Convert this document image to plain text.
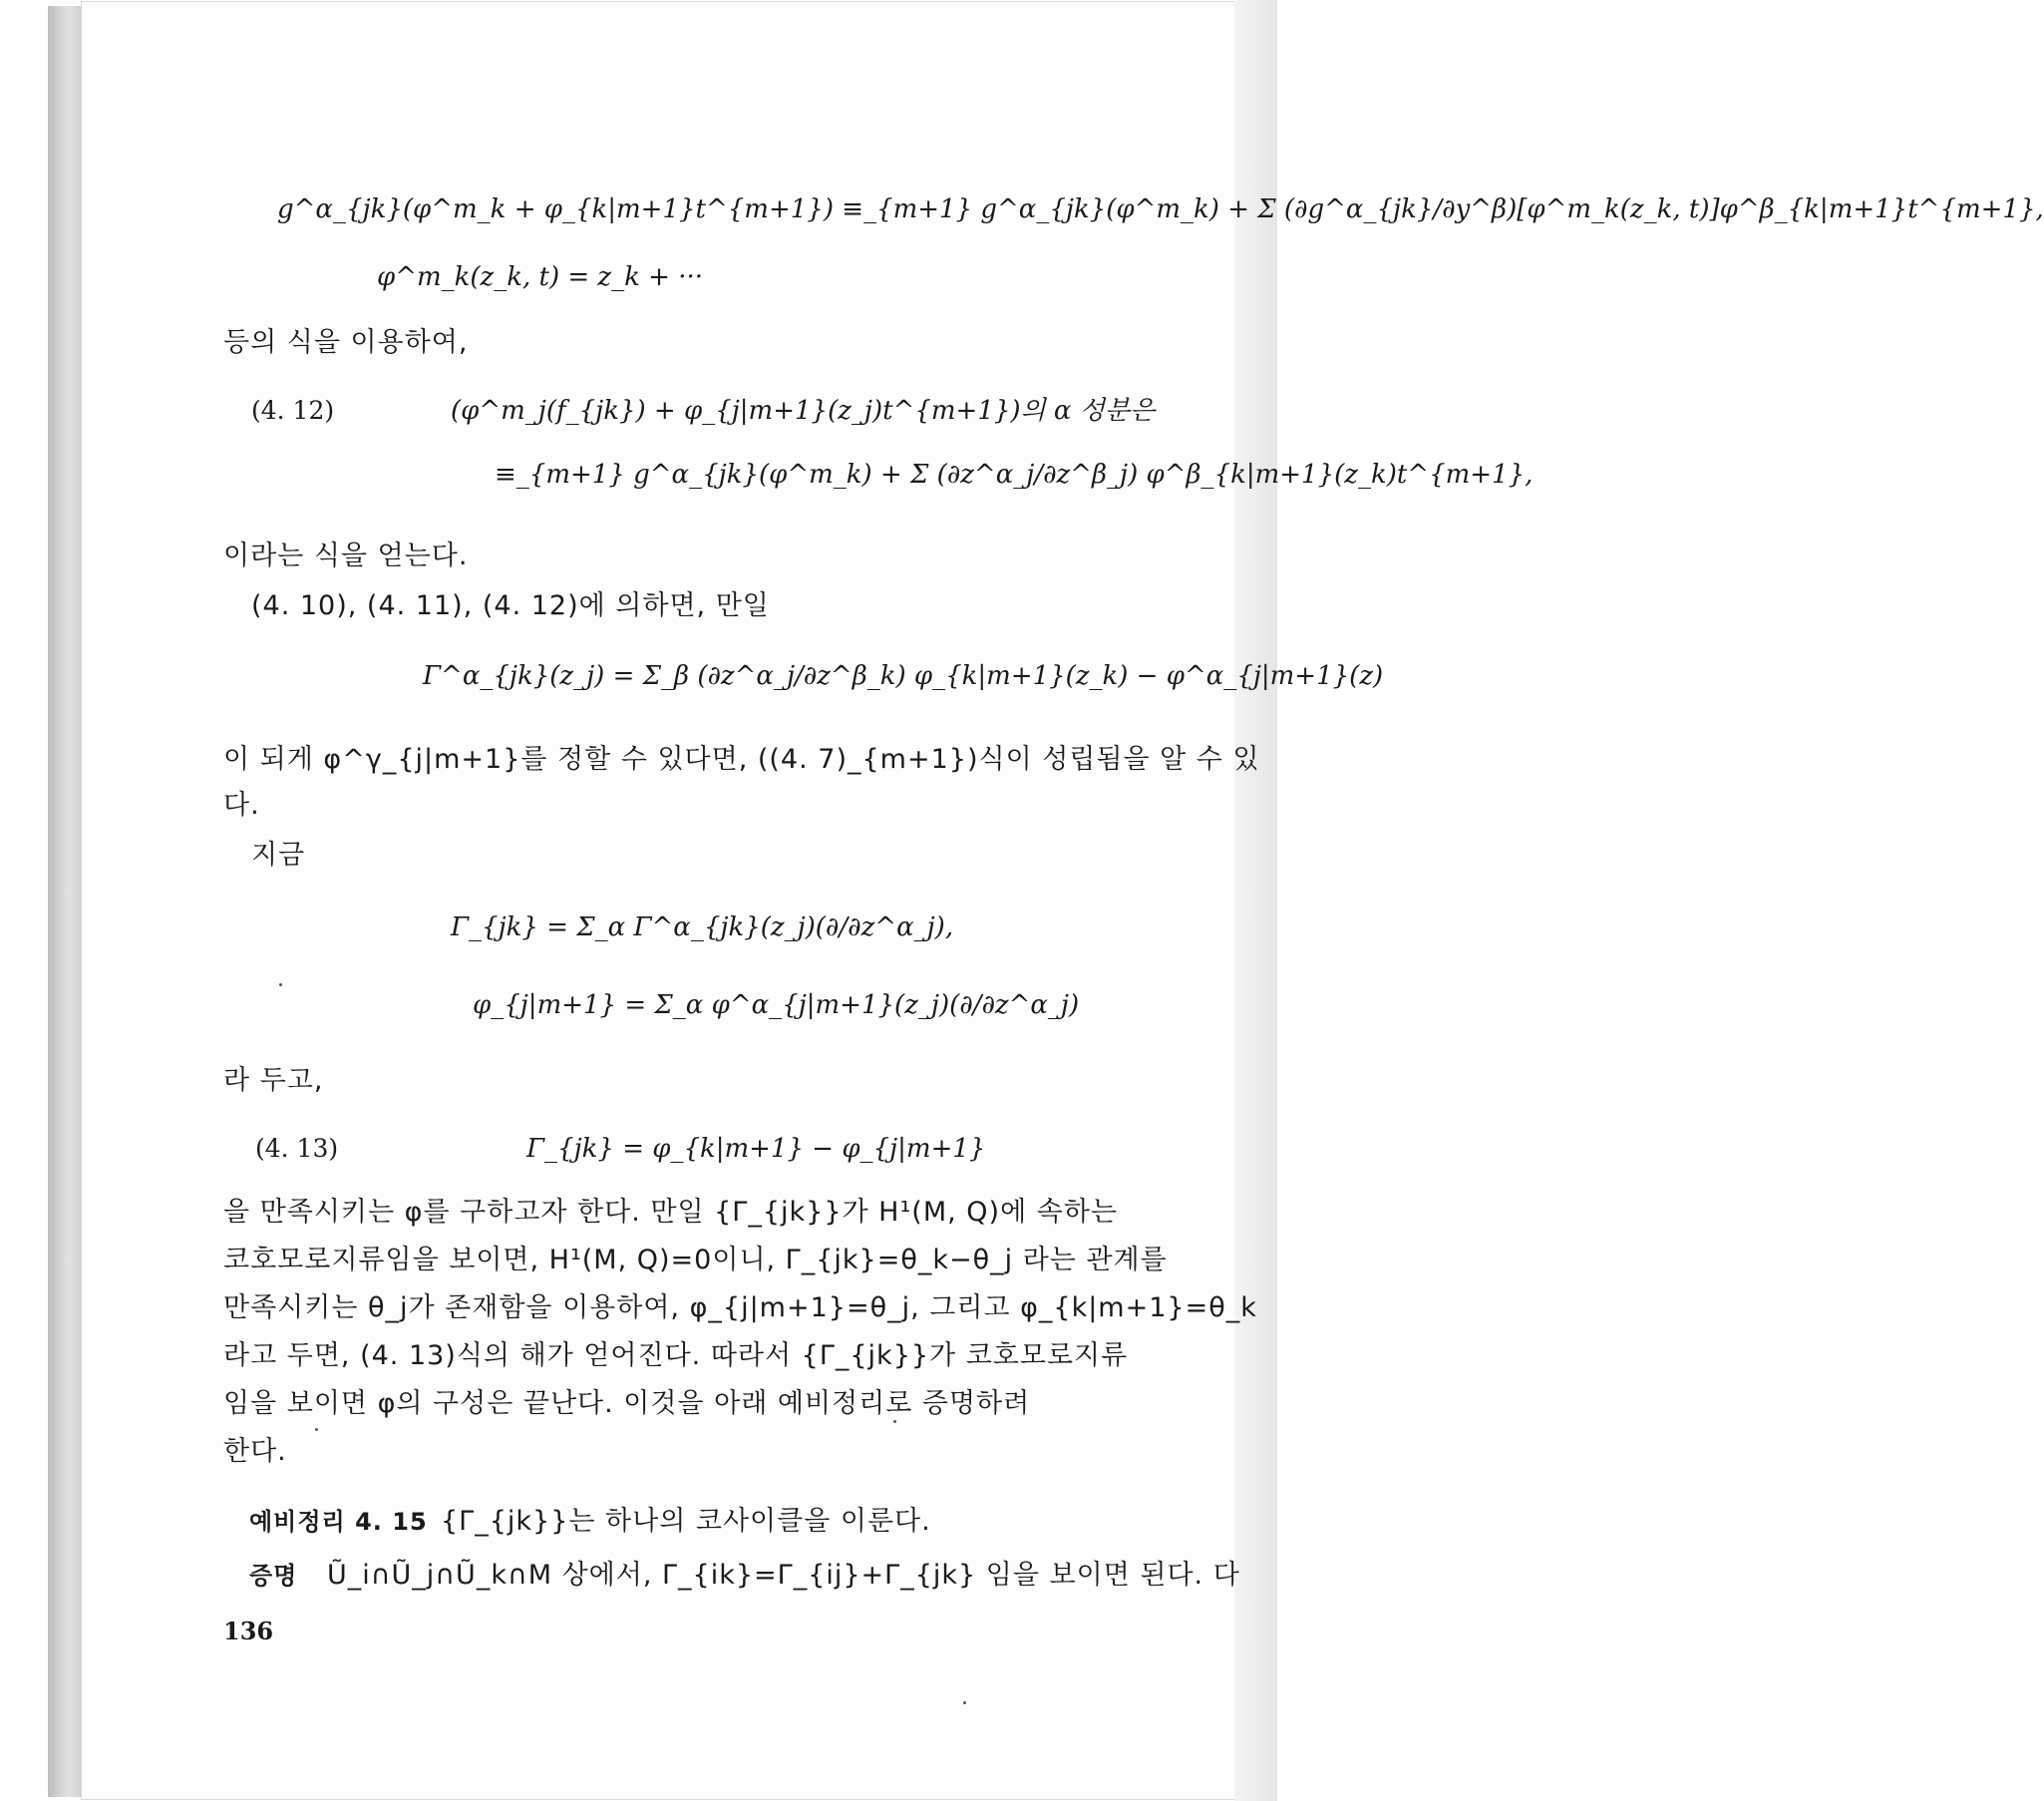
g^α_{jk}(φ^m_k + φ_{k|m+1}t^{m+1}) ≡_{m+1} g^α_{jk}(φ^m_k) + Σ (∂g^α_{jk}/∂y^β)[φ^m_k(z_k, t)]φ^β_{k|m+1}t^{m+1},
φ^m_k(z_k, t) = z_k + ···
등의 식을 이용하여,
(4. 12)	(φ^m_j(f_{jk}) + φ_{j|m+1}(z_j)t^{m+1})의 α 성분은
≡_{m+1} g^α_{jk}(φ^m_k) + Σ (∂z^α_j/∂z^β_j) φ^β_{k|m+1}(z_k)t^{m+1},
이라는 식을 얻는다.
(4. 10), (4. 11), (4. 12)에 의하면, 만일
Γ^α_{jk}(z_j) = Σ_β (∂z^α_j/∂z^β_k) φ_{k|m+1}(z_k) − φ^α_{j|m+1}(z)
이 되게 φ^γ_{j|m+1}를 정할 수 있다면, ((4. 7)_{m+1})식이 성립됨을 알 수 있
다.
지금
Γ_{jk} = Σ_α Γ^α_{jk}(z_j)(∂/∂z^α_j),
φ_{j|m+1} = Σ_α φ^α_{j|m+1}(z_j)(∂/∂z^α_j)
라 두고,
(4. 13)	Γ_{jk} = φ_{k|m+1} − φ_{j|m+1}
을 만족시키는 φ를 구하고자 한다. 만일 {Γ_{jk}}가 H¹(M, Q)에 속하는
코호모로지류임을 보이면, H¹(M, Q)=0이니, Γ_{jk}=θ_k−θ_j 라는 관계를
만족시키는 θ_j가 존재함을 이용하여, φ_{j|m+1}=θ_j, 그리고 φ_{k|m+1}=θ_k
라고 두면, (4. 13)식의 해가 얻어진다. 따라서 {Γ_{jk}}가 코호모로지류
임을 보이면 φ의 구성은 끝난다. 이것을 아래 예비정리로 증명하려
한다.
예비정리 4. 15 {Γ_{jk}}는 하나의 코사이클을 이룬다.
증명 Ũ_i∩Ũ_j∩Ũ_k∩M 상에서, Γ_{ik}=Γ_{ij}+Γ_{jk} 임을 보이면 된다. 다
136
